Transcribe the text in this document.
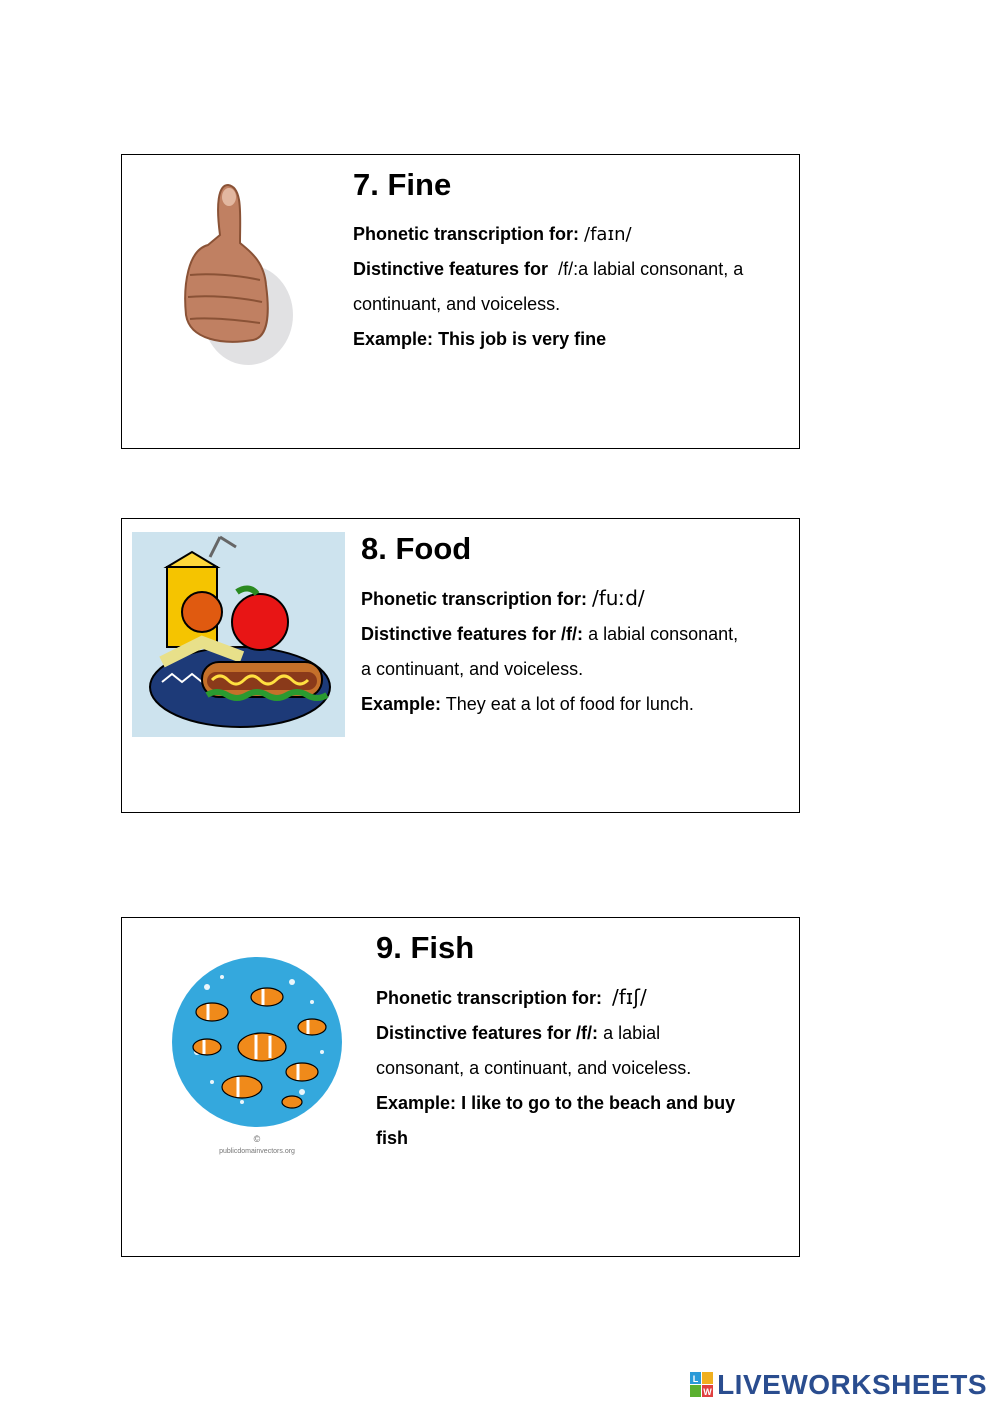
7. Fine

Phonetic transcription for: /faɪn/

Distinctive features for /f/:a labial consonant, a

continuant, and voiceless.

Example: This job is very fine

8. Food

Phonetic transcription for: /fuːd/

Distinctive features for /f/: a labial consonant,

a continuant, and voiceless.

Example: They eat a lot of food for lunch.

©
publicdomainvectors.org
9. Fish

Phonetic transcription for: /fɪʃ/

Distinctive features for /f/: a labial

consonant, a continuant, and voiceless.

Example: I like to go to the beach and buy

fish

L
W LIVEWORKSHEETS
